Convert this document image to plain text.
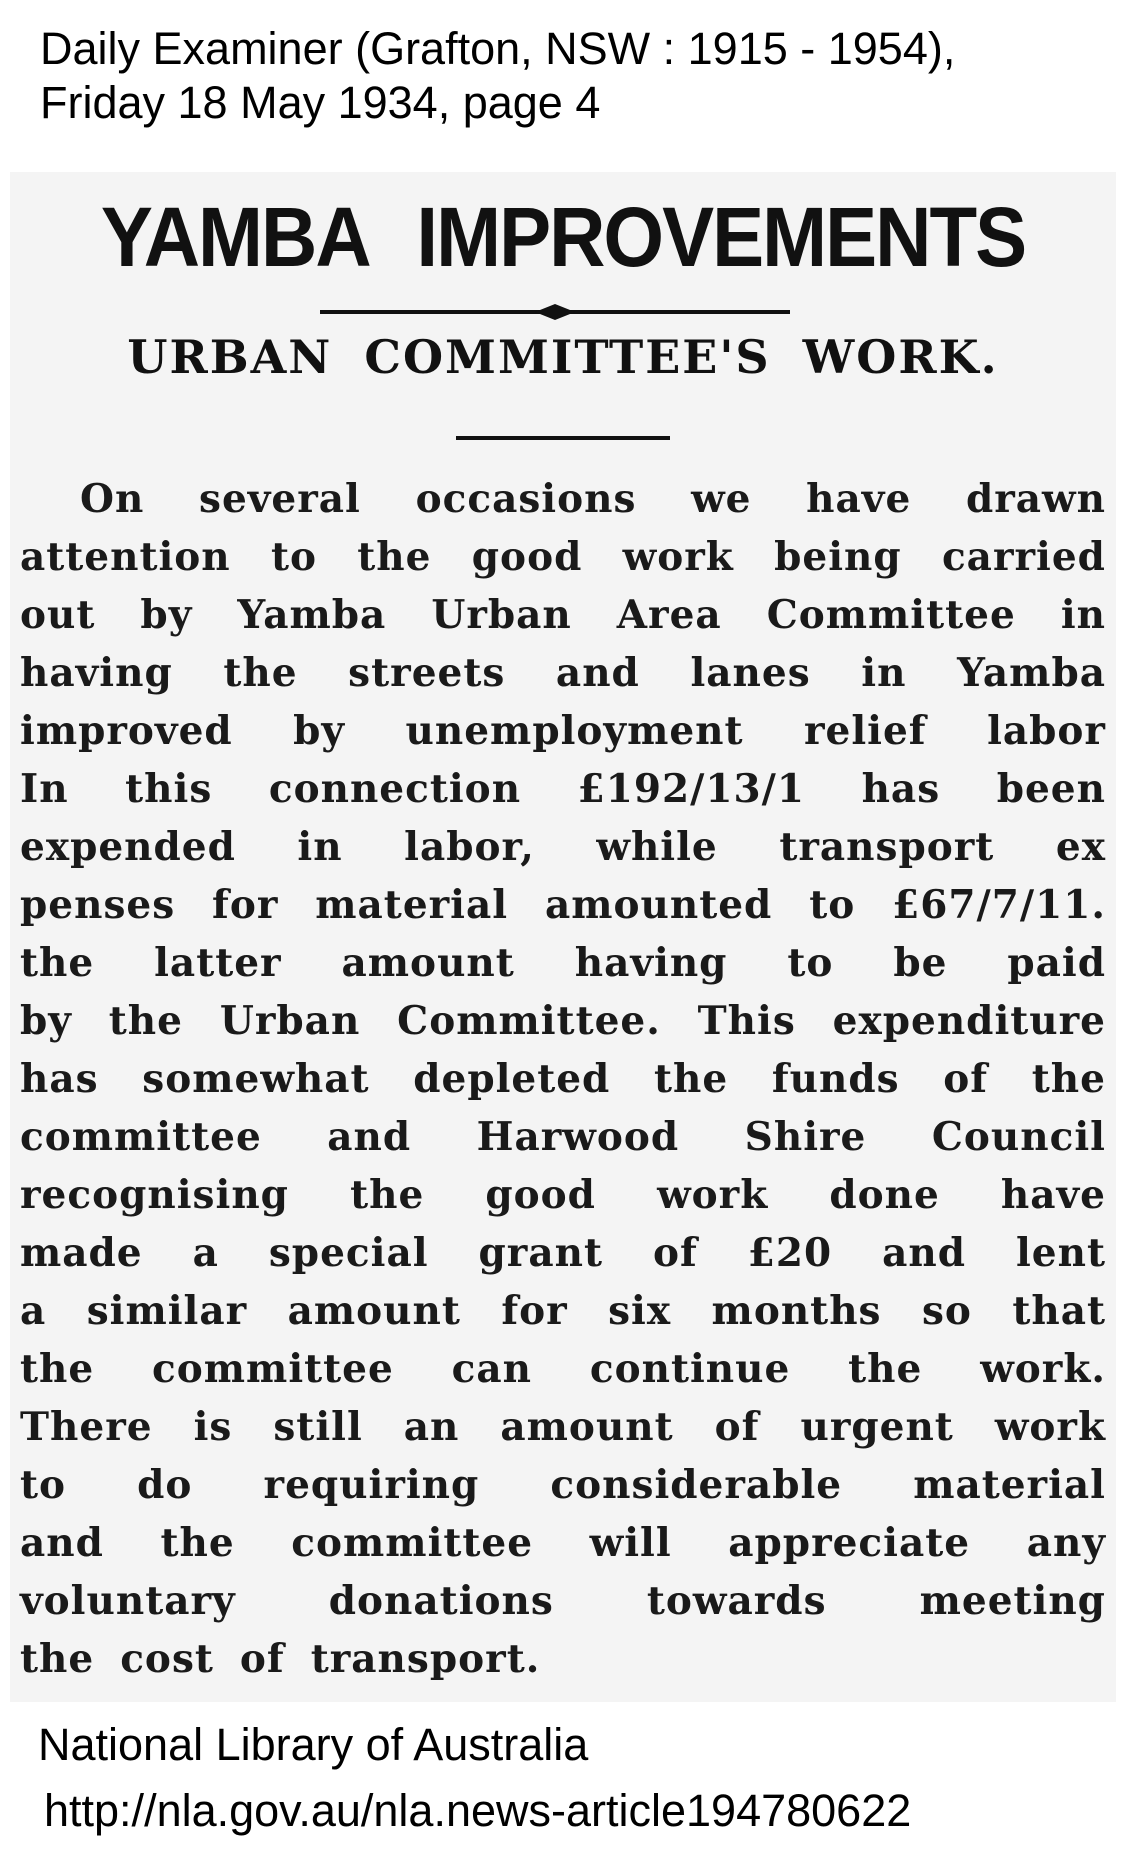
Daily Examiner (Grafton, NSW : 1915 - 1954),
Friday 18 May 1934, page 4
YAMBA IMPROVEMENTS
URBAN COMMITTEE'S WORK.
On several occasions we have drawn
attention to the good work being carried
out by Yamba Urban Area Committee in
having the streets and lanes in Yamba
improved by unemployment relief labor
In this connection £192/13/1 has been
expended in labor, while transport ex
penses for material amounted to £67/7/11.
the latter amount having to be paid
by the Urban Committee. This expenditure
has somewhat depleted the funds of the
committee and Harwood Shire Council
recognising the good work done have
made a special grant of £20 and lent
a similar amount for six months so that
the committee can continue the work.
There is still an amount of urgent work
to do requiring considerable material
and the committee will appreciate any
voluntary donations towards meeting
the cost of transport.
National Library of Australia
http://nla.gov.au/nla.news-article194780622
